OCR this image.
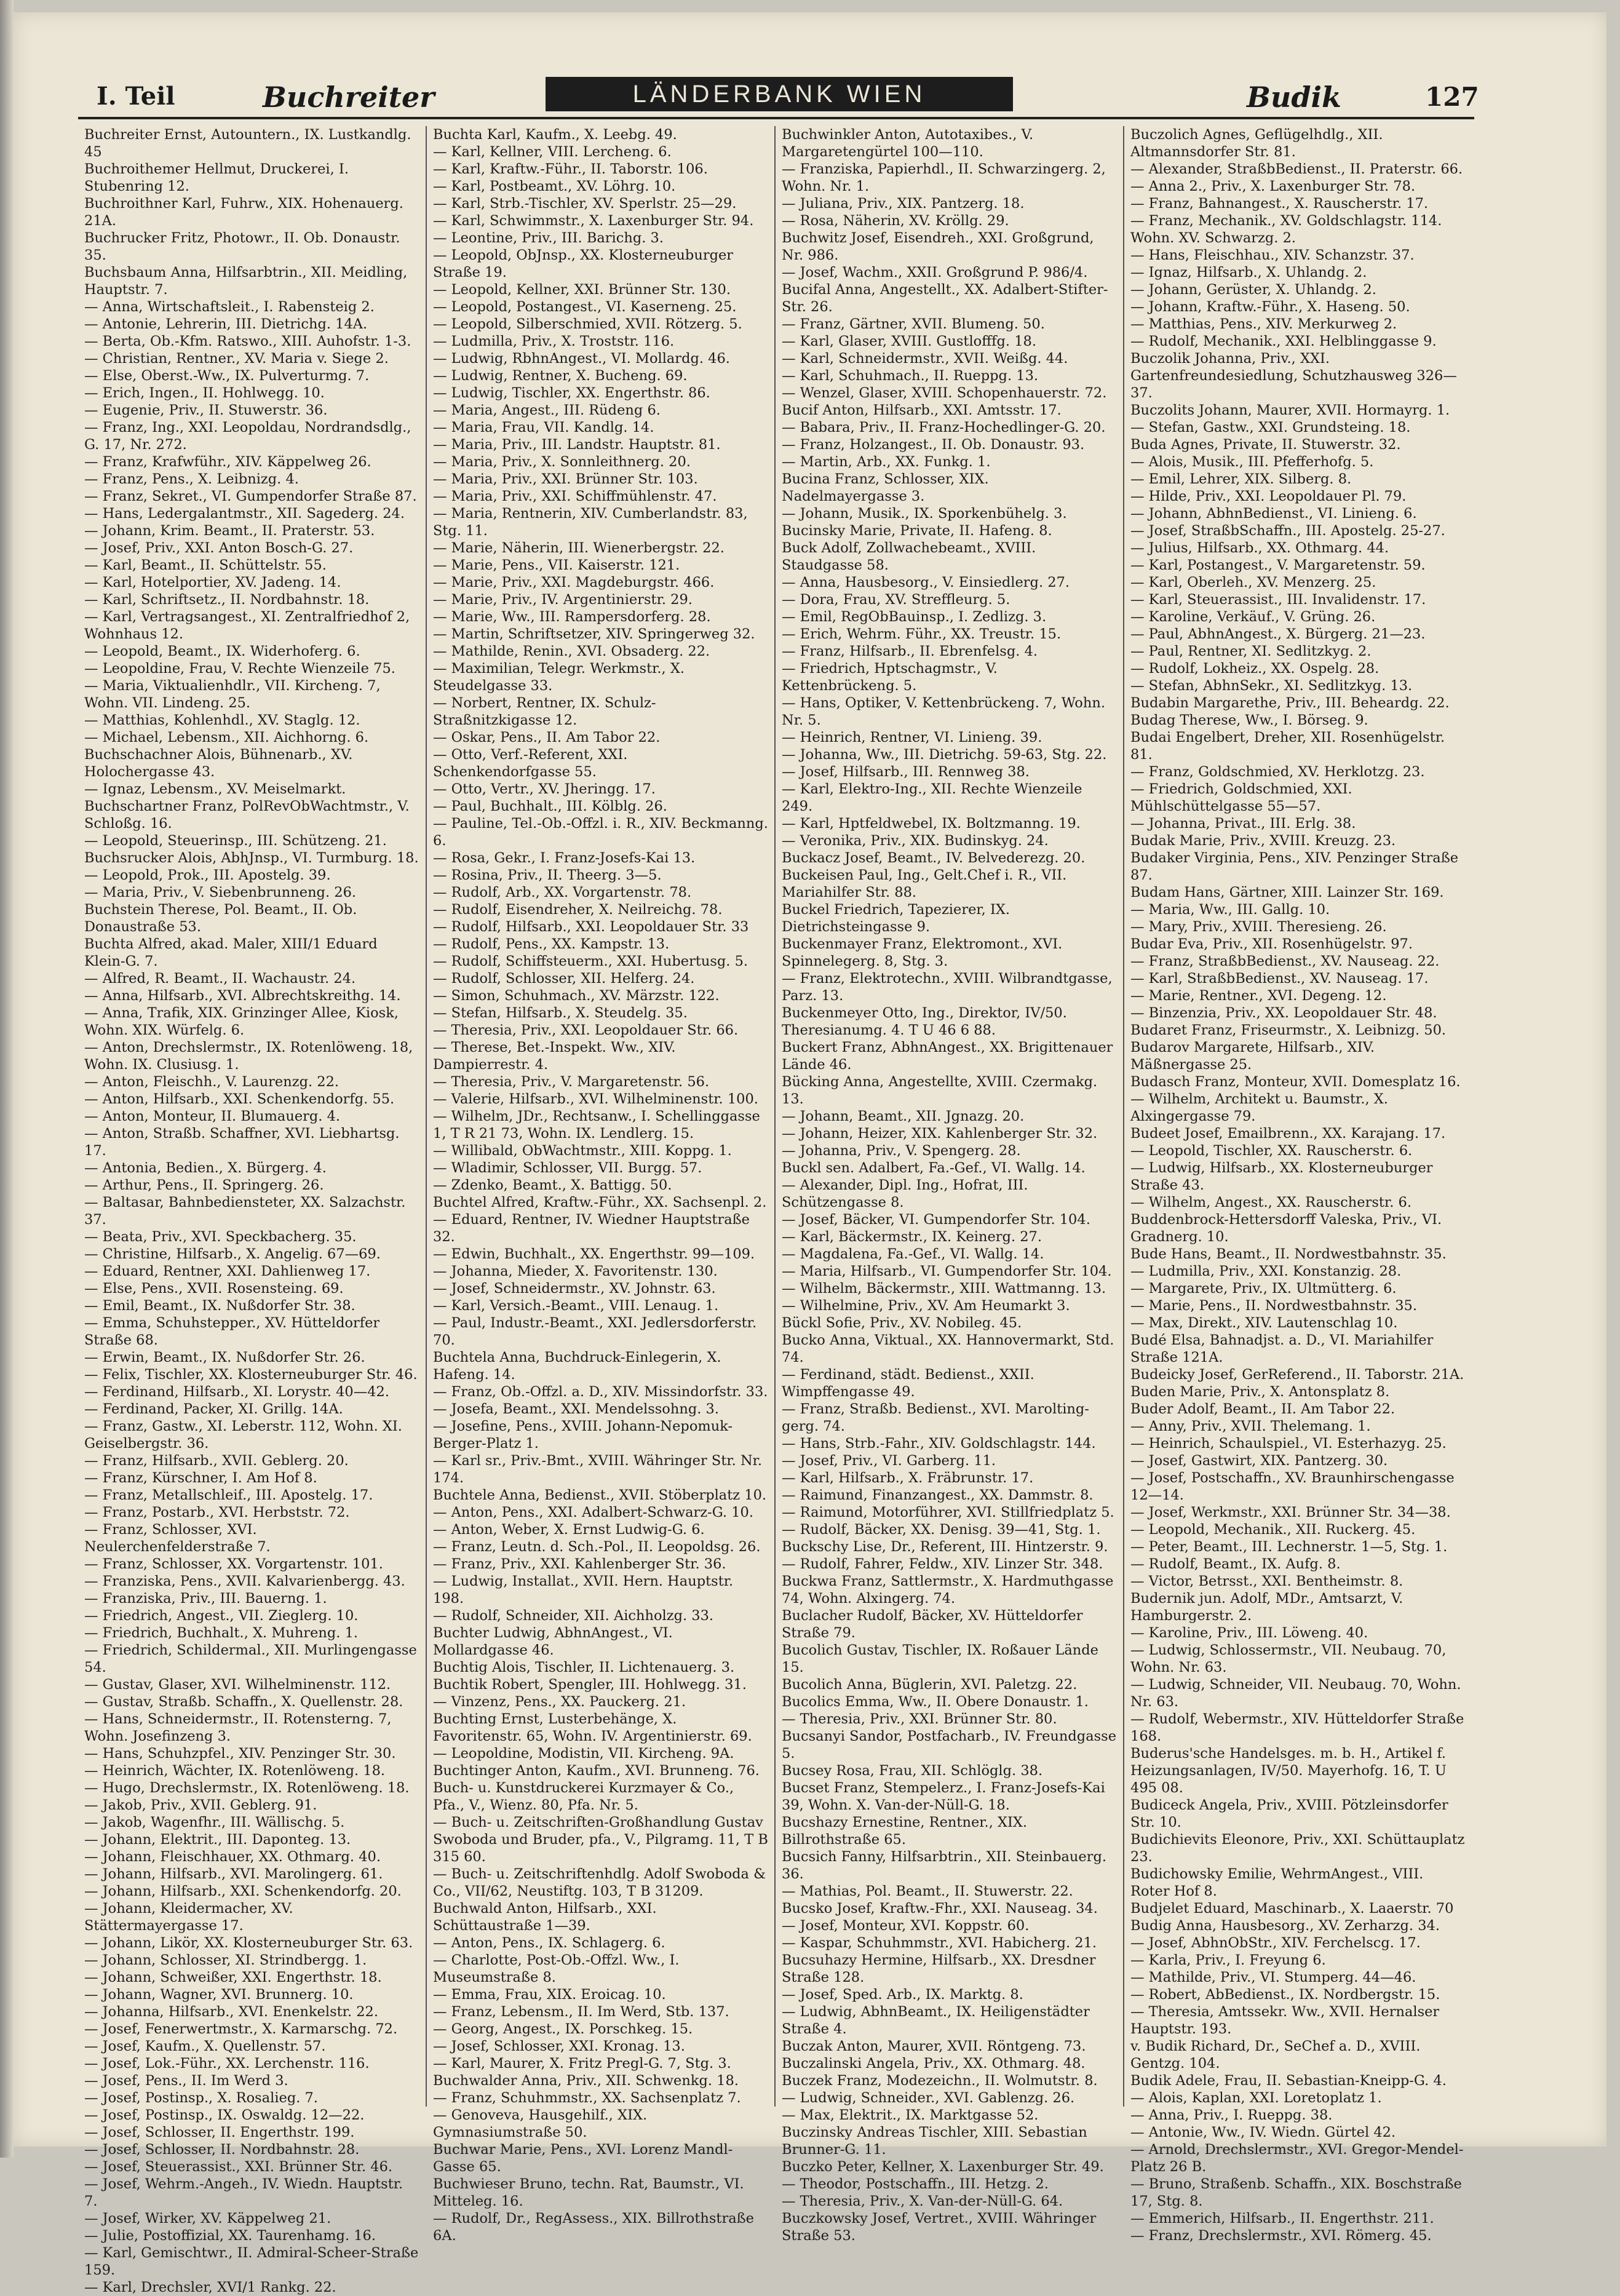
I. Teil	Buchreiter	LÄNDERBANK WIEN	Budik	127

Buchreiter Ernst, Autountern., IX. Lustkandlg. 45

Buchroithemer Hellmut, Druckerei, I. Stubenring 12.

Buchroithner Karl, Fuhrw., XIX. Hohenauerg. 21A.

Buchrucker Fritz, Photowr., II. Ob. Donaustr. 35.

Buchsbaum Anna, Hilfsarbtrin., XII. Meidling, Hauptstr. 7.

— Anna, Wirtschaftsleit., I. Rabensteig 2.

— Antonie, Lehrerin, III. Dietrichg. 14A.

— Berta, Ob.-Kfm. Ratswo., XIII. Auhofstr. 1-3.

— Christian, Rentner., XV. Maria v. Siege 2.

— Else, Oberst.-Ww., IX. Pulverturmg. 7.

— Erich, Ingen., II. Hohlwegg. 10.

— Eugenie, Priv., II. Stuwerstr. 36.

— Franz, Ing., XXI. Leopoldau, Nordrandsdlg., G. 17, Nr. 272.

— Franz, Krafwführ., XIV. Käppelweg 26.

— Franz, Pens., X. Leibnizg. 4.

— Franz, Sekret., VI. Gumpendorfer Straße 87.

— Hans, Ledergalantmstr., XII. Sagederg. 24.

— Johann, Krim. Beamt., II. Praterstr. 53.

— Josef, Priv., XXI. Anton Bosch-G. 27.

— Karl, Beamt., II. Schüttelstr. 55.

— Karl, Hotelportier, XV. Jadeng. 14.

— Karl, Schriftsetz., II. Nordbahnstr. 18.

— Karl, Vertragsangest., XI. Zentralfriedhof 2, Wohnhaus 12.

— Leopold, Beamt., IX. Widerhoferg. 6.

— Leopoldine, Frau, V. Rechte Wienzeile 75.

— Maria, Viktualienhdlr., VII. Kircheng. 7, Wohn. VII. Lindeng. 25.

— Matthias, Kohlenhdl., XV. Staglg. 12.

— Michael, Lebensm., XII. Aichhorng. 6.

Buchschachner Alois, Bühnenarb., XV. Holochergasse 43.

— Ignaz, Lebensm., XV. Meiselmarkt.

Buchschartner Franz, PolRevObWachtmstr., V. Schloßg. 16.

— Leopold, Steuerinsp., III. Schützeng. 21.

Buchsrucker Alois, AbhJnsp., VI. Turmburg. 18.

— Leopold, Prok., III. Apostelg. 39.

— Maria, Priv., V. Siebenbrunneng. 26.

Buchstein Therese, Pol. Beamt., II. Ob. Donaustraße 53.

Buchta Alfred, akad. Maler, XIII/1 Eduard Klein-G. 7.

— Alfred, R. Beamt., II. Wachaustr. 24.

— Anna, Hilfsarb., XVI. Albrechtskreithg. 14.

— Anna, Trafik, XIX. Grinzinger Allee, Kiosk, Wohn. XIX. Würfelg. 6.

— Anton, Drechslermstr., IX. Rotenlöweng. 18, Wohn. IX. Clusiusg. 1.

— Anton, Fleischh., V. Laurenzg. 22.

— Anton, Hilfsarb., XXI. Schenkendorfg. 55.

— Anton, Monteur, II. Blumauerg. 4.

— Anton, Straßb. Schaffner, XVI. Liebhartsg. 17.

— Antonia, Bedien., X. Bürgerg. 4.

— Arthur, Pens., II. Springerg. 26.

— Baltasar, Bahnbediensteter, XX. Salzachstr. 37.

— Beata, Priv., XVI. Speckbacherg. 35.

— Christine, Hilfsarb., X. Angelig. 67—69.

— Eduard, Rentner, XXI. Dahlienweg 17.

— Else, Pens., XVII. Rosensteing. 69.

— Emil, Beamt., IX. Nußdorfer Str. 38.

— Emma, Schuhstepper., XV. Hütteldorfer Straße 68.

— Erwin, Beamt., IX. Nußdorfer Str. 26.

— Felix, Tischler, XX. Klosterneuburger Str. 46.

— Ferdinand, Hilfsarb., XI. Lorystr. 40—42.

— Ferdinand, Packer, XI. Grillg. 14A.

— Franz, Gastw., XI. Leberstr. 112, Wohn. XI. Geiselbergstr. 36.

— Franz, Hilfsarb., XVII. Geblerg. 20.

— Franz, Kürschner, I. Am Hof 8.

— Franz, Metallschleif., III. Apostelg. 17.

— Franz, Postarb., XVI. Herbststr. 72.

— Franz, Schlosser, XVI. Neulerchenfelderstraße 7.

— Franz, Schlosser, XX. Vorgartenstr. 101.

— Franziska, Pens., XVII. Kalvarienbergg. 43.

— Franziska, Priv., III. Bauerng. 1.

— Friedrich, Angest., VII. Zieglerg. 10.

— Friedrich, Buchhalt., X. Muhreng. 1.

— Friedrich, Schildermal., XII. Murlingengasse 54.

— Gustav, Glaser, XVI. Wilhelminenstr. 112.

— Gustav, Straßb. Schaffn., X. Quellenstr. 28.

— Hans, Schneidermstr., II. Rotensterng. 7, Wohn. Josefinzeng 3.

— Hans, Schuhzpfel., XIV. Penzinger Str. 30.

— Heinrich, Wächter, IX. Rotenlöweng. 18.

— Hugo, Drechslermstr., IX. Rotenlöweng. 18.

— Jakob, Priv., XVII. Geblerg. 91.

— Jakob, Wagenfhr., III. Wällischg. 5.

— Johann, Elektrit., III. Daponteg. 13.

— Johann, Fleischhauer, XX. Othmarg. 40.

— Johann, Hilfsarb., XVI. Marolingerg. 61.

— Johann, Hilfsarb., XXI. Schenkendorfg. 20.

— Johann, Kleidermacher, XV. Stättermayergasse 17.

— Johann, Likör, XX. Klosterneuburger Str. 63.

— Johann, Schlosser, XI. Strindbergg. 1.

— Johann, Schweißer, XXI. Engerthstr. 18.

— Johann, Wagner, XVI. Brunnerg. 10.

— Johanna, Hilfsarb., XVI. Enenkelstr. 22.

— Josef, Fenerwertmstr., X. Karmarschg. 72.

— Josef, Kaufm., X. Quellenstr. 57.

— Josef, Lok.-Führ., XX. Lerchenstr. 116.

— Josef, Pens., II. Im Werd 3.

— Josef, Postinsp., X. Rosalieg. 7.

— Josef, Postinsp., IX. Oswaldg. 12—22.

— Josef, Schlosser, II. Engerthstr. 199.

— Josef, Schlosser, II. Nordbahnstr. 28.

— Josef, Steuerassist., XXI. Brünner Str. 46.

— Josef, Wehrm.-Angeh., IV. Wiedn. Hauptstr. 7.

— Josef, Wirker, XV. Käppelweg 21.

— Julie, Postoffizial, XX. Taurenhamg. 16.

— Karl, Gemischtwr., II. Admiral-Scheer-Straße 159.

— Karl, Drechsler, XVI/1 Rankg. 22.

Buchta Karl, Kaufm., X. Leebg. 49.

— Karl, Kellner, VIII. Lercheng. 6.

— Karl, Kraftw.-Führ., II. Taborstr. 106.

— Karl, Postbeamt., XV. Löhrg. 10.

— Karl, Strb.-Tischler, XV. Sperlstr. 25—29.

— Karl, Schwimmstr., X. Laxenburger Str. 94.

— Leontine, Priv., III. Barichg. 3.

— Leopold, ObJnsp., XX. Klosterneuburger Straße 19.

— Leopold, Kellner, XXI. Brünner Str. 130.

— Leopold, Postangest., VI. Kaserneng. 25.

— Leopold, Silberschmied, XVII. Rötzerg. 5.

— Ludmilla, Priv., X. Troststr. 116.

— Ludwig, RbhnAngest., VI. Mollardg. 46.

— Ludwig, Rentner, X. Bucheng. 69.

— Ludwig, Tischler, XX. Engerthstr. 86.

— Maria, Angest., III. Rüdeng 6.

— Maria, Frau, VII. Kandlg. 14.

— Maria, Priv., III. Landstr. Hauptstr. 81.

— Maria, Priv., X. Sonnleithnerg. 20.

— Maria, Priv., XXI. Brünner Str. 103.

— Maria, Priv., XXI. Schiffmühlenstr. 47.

— Maria, Rentnerin, XIV. Cumberlandstr. 83, Stg. 11.

— Marie, Näherin, III. Wienerbergstr. 22.

— Marie, Pens., VII. Kaiserstr. 121.

— Marie, Priv., XXI. Magdeburgstr. 466.

— Marie, Priv., IV. Argentinierstr. 29.

— Marie, Ww., III. Rampersdorferg. 28.

— Martin, Schriftsetzer, XIV. Springerweg 32.

— Mathilde, Renin., XVI. Obsaderg. 22.

— Maximilian, Telegr. Werkmstr., X. Steudelgasse 33.

— Norbert, Rentner, IX. Schulz-Straßnitzkigasse 12.

— Oskar, Pens., II. Am Tabor 22.

— Otto, Verf.-Referent, XXI. Schenkendorfgasse 55.

— Otto, Vertr., XV. Jheringg. 17.

— Paul, Buchhalt., III. Kölblg. 26.

— Pauline, Tel.-Ob.-Offzl. i. R., XIV. Beckmanng. 6.

— Rosa, Gekr., I. Franz-Josefs-Kai 13.

— Rosina, Priv., II. Theerg. 3—5.

— Rudolf, Arb., XX. Vorgartenstr. 78.

— Rudolf, Eisendreher, X. Neilreichg. 78.

— Rudolf, Hilfsarb., XXI. Leopoldauer Str. 33

— Rudolf, Pens., XX. Kampstr. 13.

— Rudolf, Schiffsteuerm., XXI. Hubertusg. 5.

— Rudolf, Schlosser, XII. Helferg. 24.

— Simon, Schuhmach., XV. Märzstr. 122.

— Stefan, Hilfsarb., X. Steudelg. 35.

— Theresia, Priv., XXI. Leopoldauer Str. 66.

— Therese, Bet.-Inspekt. Ww., XIV. Dampierrestr. 4.

— Theresia, Priv., V. Margaretenstr. 56.

— Valerie, Hilfsarb., XVI. Wilhelminenstr. 100.

— Wilhelm, JDr., Rechtsanw., I. Schellinggasse 1, T R 21 73, Wohn. IX. Lendlerg. 15.

— Willibald, ObWachtmstr., XIII. Koppg. 1.

— Wladimir, Schlosser, VII. Burgg. 57.

— Zdenko, Beamt., X. Battigg. 50.

Buchtel Alfred, Kraftw.-Führ., XX. Sachsenpl. 2.

— Eduard, Rentner, IV. Wiedner Hauptstraße 32.

— Edwin, Buchhalt., XX. Engerthstr. 99—109.

— Johanna, Mieder, X. Favoritenstr. 130.

— Josef, Schneidermstr., XV. Johnstr. 63.

— Karl, Versich.-Beamt., VIII. Lenaug. 1.

— Paul, Industr.-Beamt., XXI. Jedlersdorferstr. 70.

Buchtela Anna, Buchdruck-Einlegerin, X. Hafeng. 14.

— Franz, Ob.-Offzl. a. D., XIV. Missindorfstr. 33.

— Josefa, Beamt., XXI. Mendelssohng. 3.

— Josefine, Pens., XVIII. Johann-Nepomuk-Berger-Platz 1.

— Karl sr., Priv.-Bmt., XVIII. Währinger Str. Nr. 174.

Buchtele Anna, Bedienst., XVII. Stöberplatz 10.

— Anton, Pens., XXI. Adalbert-Schwarz-G. 10.

— Anton, Weber, X. Ernst Ludwig-G. 6.

— Franz, Leutn. d. Sch.-Pol., II. Leopoldsg. 26.

— Franz, Priv., XXI. Kahlenberger Str. 36.

— Ludwig, Installat., XVII. Hern. Hauptstr. 198.

— Rudolf, Schneider, XII. Aichholzg. 33.

Buchter Ludwig, AbhnAngest., VI. Mollardgasse 46.

Buchtig Alois, Tischler, II. Lichtenauerg. 3.

Buchtik Robert, Spengler, III. Hohlwegg. 31.

— Vinzenz, Pens., XX. Pauckerg. 21.

Buchting Ernst, Lusterbehänge, X. Favoritenstr. 65, Wohn. IV. Argentinierstr. 69.

— Leopoldine, Modistin, VII. Kircheng. 9A.

Buchtinger Anton, Kaufm., XVI. Brunneng. 76.

Buch- u. Kunstdruckerei Kurzmayer & Co., Pfa., V., Wienz. 80, Pfa. Nr. 5.

— Buch- u. Zeitschriften-Großhandlung Gustav Swoboda und Bruder, pfa., V., Pilgramg. 11, T B 315 60.

— Buch- u. Zeitschriftenhdlg. Adolf Swoboda & Co., VII/62, Neustiftg. 103, T B 31209.

Buchwald Anton, Hilfsarb., XXI. Schüttaustraße 1—39.

— Anton, Pens., IX. Schlagerg. 6.

— Charlotte, Post-Ob.-Offzl. Ww., I. Museumstraße 8.

— Emma, Frau, XIX. Eroicag. 10.

— Franz, Lebensm., II. Im Werd, Stb. 137.

— Georg, Angest., IX. Porschkeg. 15.

— Josef, Schlosser, XXI. Kronag. 13.

— Karl, Maurer, X. Fritz Pregl-G. 7, Stg. 3.

Buchwalder Anna, Priv., XII. Schwenkg. 18.

— Franz, Schuhmmstr., XX. Sachsenplatz 7.

— Genoveva, Hausgehilf., XIX. Gymnasiumstraße 50.

Buchwar Marie, Pens., XVI. Lorenz Mandl-Gasse 65.

Buchwieser Bruno, techn. Rat, Baumstr., VI. Mitteleg. 16.

— Rudolf, Dr., RegAssess., XIX. Billrothstraße 6A.

Buchwinkler Anton, Autotaxibes., V. Margaretengürtel 100—110.

— Franziska, Papierhdl., II. Schwarzingerg. 2, Wohn. Nr. 1.

— Juliana, Priv., XIX. Pantzerg. 18.

— Rosa, Näherin, XV. Kröllg. 29.

Buchwitz Josef, Eisendreh., XXI. Großgrund, Nr. 986.

— Josef, Wachm., XXII. Großgrund P. 986/4.

Bucifal Anna, Angestellt., XX. Adalbert-Stifter-Str. 26.

— Franz, Gärtner, XVII. Blumeng. 50.

— Karl, Glaser, XVIII. Gustlofffg. 18.

— Karl, Schneidermstr., XVII. Weißg. 44.

— Karl, Schuhmach., II. Rueppg. 13.

— Wenzel, Glaser, XVIII. Schopenhauerstr. 72.

Bucif Anton, Hilfsarb., XXI. Amtsstr. 17.

— Babara, Priv., II. Franz-Hochedlinger-G. 20.

— Franz, Holzangest., II. Ob. Donaustr. 93.

— Martin, Arb., XX. Funkg. 1.

Bucina Franz, Schlosser, XIX. Nadelmayergasse 3.

— Johann, Musik., IX. Sporkenbühelg. 3.

Bucinsky Marie, Private, II. Hafeng. 8.

Buck Adolf, Zollwachebeamt., XVIII. Staudgasse 58.

— Anna, Hausbesorg., V. Einsiedlerg. 27.

— Dora, Frau, XV. Streffleurg. 5.

— Emil, RegObBauinsp., I. Zedlizg. 3.

— Erich, Wehrm. Führ., XX. Treustr. 15.

— Franz, Hilfsarb., II. Ebrenfelsg. 4.

— Friedrich, Hptschagmstr., V. Kettenbrückeng. 5.

— Hans, Optiker, V. Kettenbrückeng. 7, Wohn. Nr. 5.

— Heinrich, Rentner, VI. Linieng. 39.

— Johanna, Ww., III. Dietrichg. 59-63, Stg. 22.

— Josef, Hilfsarb., III. Rennweg 38.

— Karl, Elektro-Ing., XII. Rechte Wienzeile 249.

— Karl, Hptfeldwebel, IX. Boltzmanng. 19.

— Veronika, Priv., XIX. Budinskyg. 24.

Buckacz Josef, Beamt., IV. Belvederezg. 20.

Buckeisen Paul, Ing., Gelt.Chef i. R., VII. Mariahilfer Str. 88.

Buckel Friedrich, Tapezierer, IX. Dietrichsteingasse 9.

Buckenmayer Franz, Elektromont., XVI. Spinnelegerg. 8, Stg. 3.

— Franz, Elektrotechn., XVIII. Wilbrandtgasse, Parz. 13.

Buckenmeyer Otto, Ing., Direktor, IV/50. Theresianumg. 4. T U 46 6 88.

Buckert Franz, AbhnAngest., XX. Brigittenauer Lände 46.

Bücking Anna, Angestellte, XVIII. Czermakg. 13.

— Johann, Beamt., XII. Jgnazg. 20.

— Johann, Heizer, XIX. Kahlenberger Str. 32.

— Johanna, Priv., V. Spengerg. 28.

Buckl sen. Adalbert, Fa.-Gef., VI. Wallg. 14.

— Alexander, Dipl. Ing., Hofrat, III. Schützengasse 8.

— Josef, Bäcker, VI. Gumpendorfer Str. 104.

— Karl, Bäckermstr., IX. Keinerg. 27.

— Magdalena, Fa.-Gef., VI. Wallg. 14.

— Maria, Hilfsarb., VI. Gumpendorfer Str. 104.

— Wilhelm, Bäckermstr., XIII. Wattmanng. 13.

— Wilhelmine, Priv., XV. Am Heumarkt 3.

Bückl Sofie, Priv., XV. Nobileg. 45.

Bucko Anna, Viktual., XX. Hannovermarkt, Std. 74.

— Ferdinand, städt. Bedienst., XXII. Wimpffengasse 49.

— Franz, Straßb. Bedienst., XVI. Marolting-gerg. 74.

— Hans, Strb.-Fahr., XIV. Goldschlagstr. 144.

— Josef, Priv., VI. Garberg. 11.

— Karl, Hilfsarb., X. Fräbrunstr. 17.

— Raimund, Finanzangest., XX. Dammstr. 8.

— Raimund, Motorführer, XVI. Stillfriedplatz 5.

— Rudolf, Bäcker, XX. Denisg. 39—41, Stg. 1.

Buckschy Lise, Dr., Referent, III. Hintzerstr. 9.

— Rudolf, Fahrer, Feldw., XIV. Linzer Str. 348.

Buckwa Franz, Sattlermstr., X. Hardmuthgasse 74, Wohn. Alxingerg. 74.

Buclacher Rudolf, Bäcker, XV. Hütteldorfer Straße 79.

Bucolich Gustav, Tischler, IX. Roßauer Lände 15.

Bucolich Anna, Büglerin, XVI. Paletzg. 22.

Bucolics Emma, Ww., II. Obere Donaustr. 1.

— Theresia, Priv., XXI. Brünner Str. 80.

Bucsanyi Sandor, Postfacharb., IV. Freundgasse 5.

Bucsey Rosa, Frau, XII. Schlöglg. 38.

Bucset Franz, Stempelerz., I. Franz-Josefs-Kai 39, Wohn. X. Van-der-Nüll-G. 18.

Bucshazy Ernestine, Rentner., XIX. Billrothstraße 65.

Bucsich Fanny, Hilfsarbtrin., XII. Steinbauerg. 36.

— Mathias, Pol. Beamt., II. Stuwerstr. 22.

Bucsko Josef, Kraftw.-Fhr., XXI. Nauseag. 34.

— Josef, Monteur, XVI. Koppstr. 60.

— Kaspar, Schuhmmstr., XVI. Habicherg. 21.

Bucsuhazy Hermine, Hilfsarb., XX. Dresdner Straße 128.

— Josef, Sped. Arb., IX. Marktg. 8.

— Ludwig, AbhnBeamt., IX. Heiligenstädter Straße 4.

Buczak Anton, Maurer, XVII. Röntgeng. 73.

Buczalinski Angela, Priv., XX. Othmarg. 48.

Buczek Franz, Modezeichn., II. Wolmutstr. 8.

— Ludwig, Schneider., XVI. Gablenzg. 26.

— Max, Elektrit., IX. Marktgasse 52.

Buczinsky Andreas Tischler, XIII. Sebastian Brunner-G. 11.

Buczko Peter, Kellner, X. Laxenburger Str. 49.

— Theodor, Postschaffn., III. Hetzg. 2.

— Theresia, Priv., X. Van-der-Nüll-G. 64.

Buczkowsky Josef, Vertret., XVIII. Währinger Straße 53.

Buczolich Agnes, Geflügelhdlg., XII. Altmannsdorfer Str. 81.

— Alexander, StraßbBedienst., II. Praterstr. 66.

— Anna 2., Priv., X. Laxenburger Str. 78.

— Franz, Bahnangest., X. Rauscherstr. 17.

— Franz, Mechanik., XV. Goldschlagstr. 114. Wohn. XV. Schwarzg. 2.

— Hans, Fleischhau., XIV. Schanzstr. 37.

— Ignaz, Hilfsarb., X. Uhlandg. 2.

— Johann, Gerüster, X. Uhlandg. 2.

— Johann, Kraftw.-Führ., X. Haseng. 50.

— Matthias, Pens., XIV. Merkurweg 2.

— Rudolf, Mechanik., XXI. Helblinggasse 9.

Buczolik Johanna, Priv., XXI. Gartenfreundesiedlung, Schutzhausweg 326—37.

Buczolits Johann, Maurer, XVII. Hormayrg. 1.

— Stefan, Gastw., XXI. Grundsteing. 18.

Buda Agnes, Private, II. Stuwerstr. 32.

— Alois, Musik., III. Pfefferhofg. 5.

— Emil, Lehrer, XIX. Silberg. 8.

— Hilde, Priv., XXI. Leopoldauer Pl. 79.

— Johann, AbhnBedienst., VI. Linieng. 6.

— Josef, StraßbSchaffn., III. Apostelg. 25-27.

— Julius, Hilfsarb., XX. Othmarg. 44.

— Karl, Postangest., V. Margaretenstr. 59.

— Karl, Oberleh., XV. Menzerg. 25.

— Karl, Steuerassist., III. Invalidenstr. 17.

— Karoline, Verkäuf., V. Grüng. 26.

— Paul, AbhnAngest., X. Bürgerg. 21—23.

— Paul, Rentner, XI. Sedlitzkyg. 2.

— Rudolf, Lokheiz., XX. Ospelg. 28.

— Stefan, AbhnSekr., XI. Sedlitzkyg. 13.

Budabin Margarethe, Priv., III. Beheardg. 22.

Budag Therese, Ww., I. Börseg. 9.

Budai Engelbert, Dreher, XII. Rosenhügelstr. 81.

— Franz, Goldschmied, XV. Herklotzg. 23.

— Friedrich, Goldschmied, XXI. Mühlschüttelgasse 55—57.

— Johanna, Privat., III. Erlg. 38.

Budak Marie, Priv., XVIII. Kreuzg. 23.

Budaker Virginia, Pens., XIV. Penzinger Straße 87.

Budam Hans, Gärtner, XIII. Lainzer Str. 169.

— Maria, Ww., III. Gallg. 10.

— Mary, Priv., XVIII. Theresieng. 26.

Budar Eva, Priv., XII. Rosenhügelstr. 97.

— Franz, StraßbBedienst., XV. Nauseag. 22.

— Karl, StraßbBedienst., XV. Nauseag. 17.

— Marie, Rentner., XVI. Degeng. 12.

— Binzenzia, Priv., XX. Leopoldauer Str. 48.

Budaret Franz, Friseurmstr., X. Leibnizg. 50.

Budarov Margarete, Hilfsarb., XIV. Mäßnergasse 25.

Budasch Franz, Monteur, XVII. Domesplatz 16.

— Wilhelm, Architekt u. Baumstr., X. Alxingergasse 79.

Budeet Josef, Emailbrenn., XX. Karajang. 17.

— Leopold, Tischler, XX. Rauscherstr. 6.

— Ludwig, Hilfsarb., XX. Klosterneuburger Straße 43.

— Wilhelm, Angest., XX. Rauscherstr. 6.

Buddenbrock-Hettersdorff Valeska, Priv., VI. Gradnerg. 10.

Bude Hans, Beamt., II. Nordwestbahnstr. 35.

— Ludmilla, Priv., XXI. Konstanzig. 28.

— Margarete, Priv., IX. Ultmütterg. 6.

— Marie, Pens., II. Nordwestbahnstr. 35.

— Max, Direkt., XIV. Lautenschlag 10.

Budé Elsa, Bahnadjst. a. D., VI. Mariahilfer Straße 121A.

Budeicky Josef, GerReferend., II. Taborstr. 21A.

Buden Marie, Priv., X. Antonsplatz 8.

Buder Adolf, Beamt., II. Am Tabor 22.

— Anny, Priv., XVII. Thelemang. 1.

— Heinrich, Schaulspiel., VI. Esterhazyg. 25.

— Josef, Gastwirt, XIX. Pantzerg. 30.

— Josef, Postschaffn., XV. Braunhirschengasse 12—14.

— Josef, Werkmstr., XXI. Brünner Str. 34—38.

— Leopold, Mechanik., XII. Ruckerg. 45.

— Peter, Beamt., III. Lechnerstr. 1—5, Stg. 1.

— Rudolf, Beamt., IX. Aufg. 8.

— Victor, Betrsst., XXI. Bentheimstr. 8.

Budernik jun. Adolf, MDr., Amtsarzt, V. Hamburgerstr. 2.

— Karoline, Priv., III. Löweng. 40.

— Ludwig, Schlossermstr., VII. Neubaug. 70, Wohn. Nr. 63.

— Ludwig, Schneider, VII. Neubaug. 70, Wohn. Nr. 63.

— Rudolf, Webermstr., XIV. Hütteldorfer Straße 168.

Buderus'sche Handelsges. m. b. H., Artikel f. Heizungsanlagen, IV/50. Mayerhofg. 16, T. U 495 08.

Budiceck Angela, Priv., XVIII. Pötzleinsdorfer Str. 10.

Budichievits Eleonore, Priv., XXI. Schüttauplatz 23.

Budichowsky Emilie, WehrmAngest., VIII. Roter Hof 8.

Budjelet Eduard, Maschinarb., X. Laaerstr. 70

Budig Anna, Hausbesorg., XV. Zerharzg. 34.

— Josef, AbhnObStr., XIV. Ferchelscg. 17.

— Karla, Priv., I. Freyung 6.

— Mathilde, Priv., VI. Stumperg. 44—46.

— Robert, AbBedienst., IX. Nordbergstr. 15.

— Theresia, Amtssekr. Ww., XVII. Hernalser Hauptstr. 193.

v. Budik Richard, Dr., SeChef a. D., XVIII. Gentzg. 104.

Budik Adele, Frau, II. Sebastian-Kneipp-G. 4.

— Alois, Kaplan, XXI. Loretoplatz 1.

— Anna, Priv., I. Rueppg. 38.

— Antonie, Ww., IV. Wiedn. Gürtel 42.

— Arnold, Drechslermstr., XVI. Gregor-Mendel-Platz 26 B.

— Bruno, Straßenb. Schaffn., XIX. Boschstraße 17, Stg. 8.

— Emmerich, Hilfsarb., II. Engerthstr. 211.

— Franz, Drechslermstr., XVI. Römerg. 45.
